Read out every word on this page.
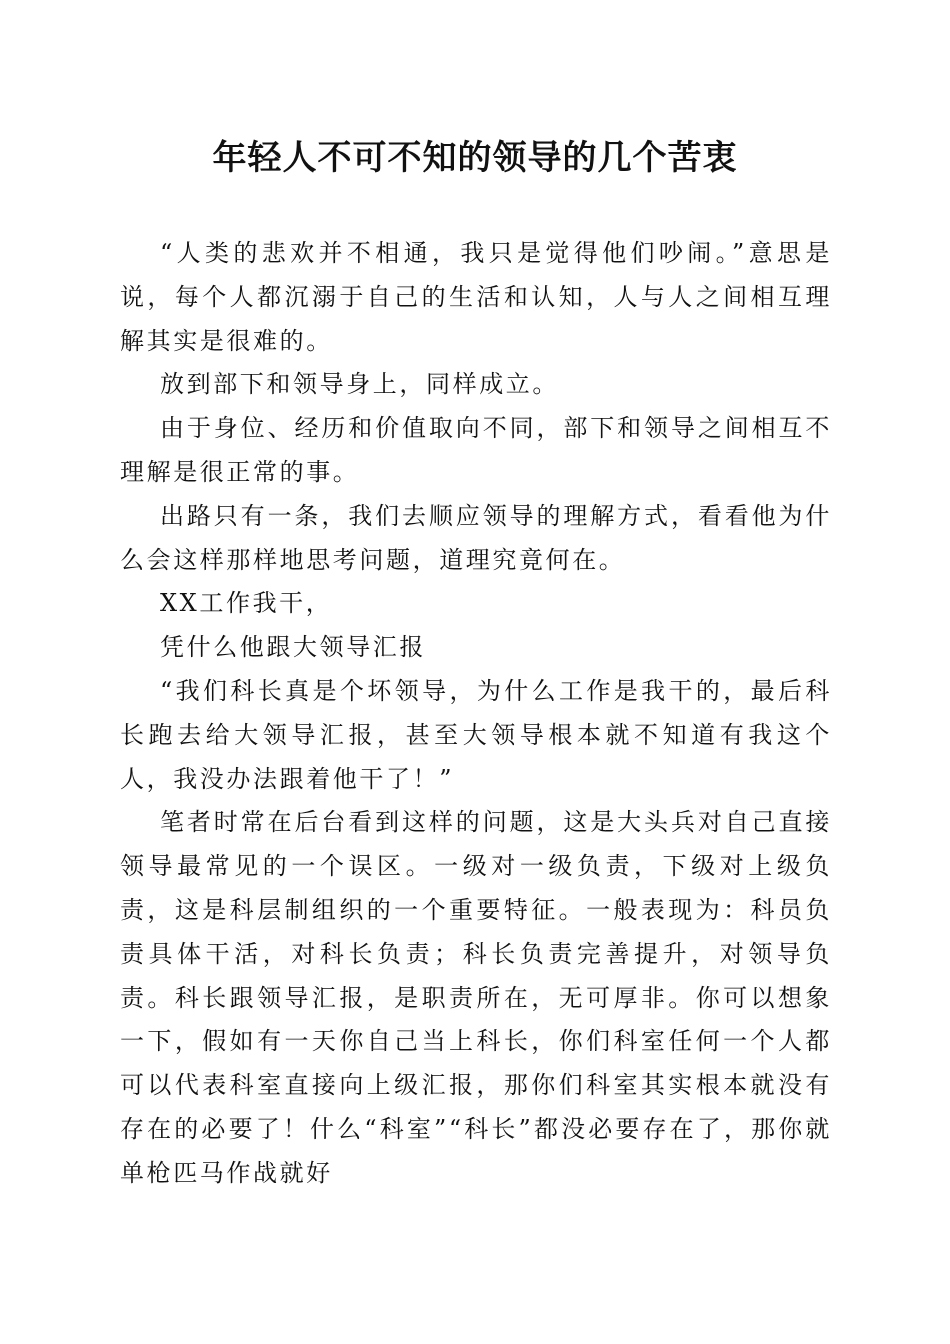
年轻人不可不知的领导的几个苦衷

“人类的悲欢并不相通，我只是觉得他们吵闹。”意思是说，每个人都沉溺于自己的生活和认知，人与人之间相互理解其实是很难的。

放到部下和领导身上，同样成立。

由于身位、经历和价值取向不同，部下和领导之间相互不理解是很正常的事。

出路只有一条，我们去顺应领导的理解方式，看看他为什么会这样那样地思考问题，道理究竟何在。

XX工作我干，

凭什么他跟大领导汇报

“我们科长真是个坏领导，为什么工作是我干的，最后科长跑去给大领导汇报，甚至大领导根本就不知道有我这个人，我没办法跟着他干了！”

笔者时常在后台看到这样的问题，这是大头兵对自己直接领导最常见的一个误区。一级对一级负责，下级对上级负责，这是科层制组织的一个重要特征。一般表现为：科员负责具体干活，对科长负责；科长负责完善提升，对领导负责。科长跟领导汇报，是职责所在，无可厚非。你可以想象一下，假如有一天你自己当上科长，你们科室任何一个人都可以代表科室直接向上级汇报，那你们科室其实根本就没有存在的必要了！什么“科室”“科长”都没必要存在了，那你就单枪匹马作战就好
